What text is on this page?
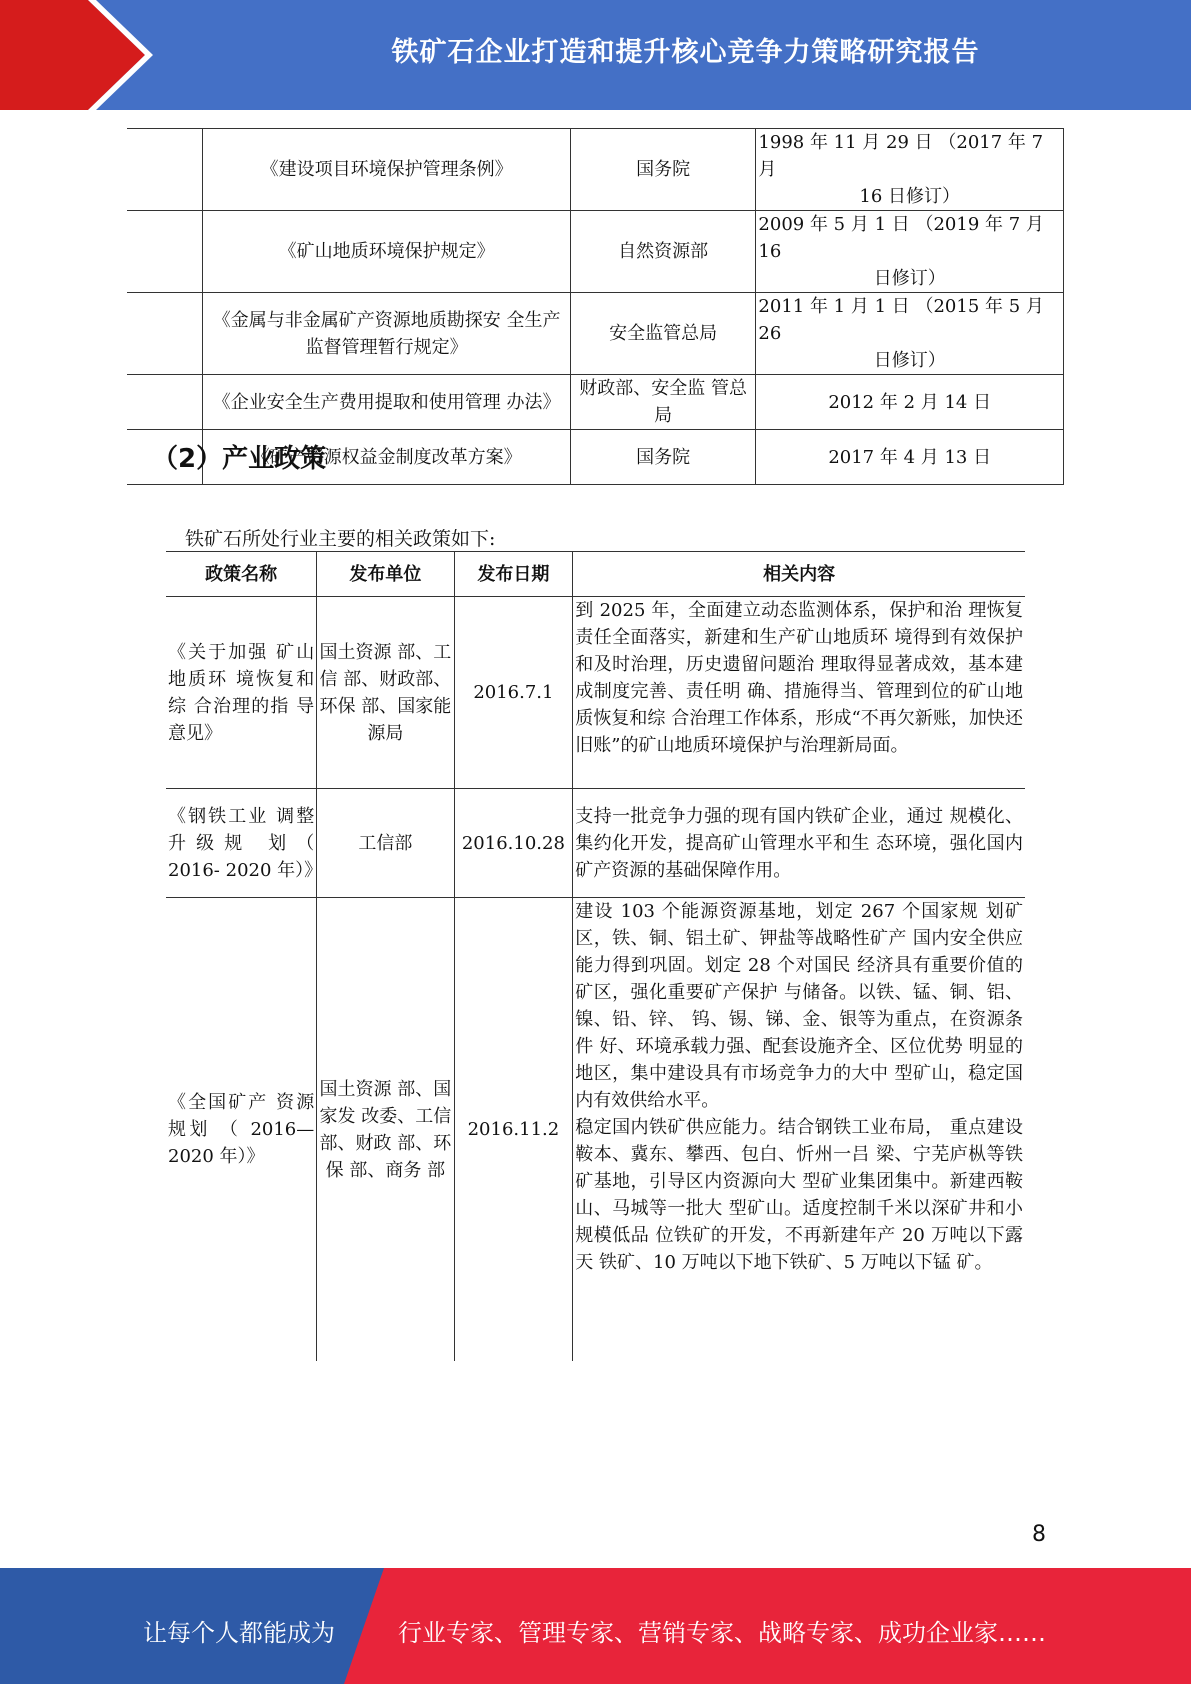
铁矿石企业打造和提升核心竞争力策略研究报告
	《建设项目环境保护管理条例》	国务院	1998 年 11 月 29 日 （2017 年 7 月
16 日修订）

	《矿山地质环境保护规定》	自然资源部	2009 年 5 月 1 日 （2019 年 7 月 16
日修订）

	《金属与非金属矿产资源地质勘探安 全生产监督管理暂行规定》	安全监管总局	2011 年 1 月 1 日 （2015 年 5 月 26
日修订）

	《企业安全生产费用提取和使用管理 办法》	财政部、安全监 管总局	2012 年 2 月 14 日
	《矿产资源权益金制度改革方案》	国务院	2017 年 4 月 13 日
（2）产业政策
铁矿石所处行业主要的相关政策如下:
政策名称	发布单位	发布日期	相关内容
《关于加强 矿山地质环 境恢复和综 合治理的指 导意见》	国土资源 部、工信 部、财政部、环保 部、国家能 源局	2016.7.1	到 2025 年，全面建立动态监测体系，保护和治 理恢复责任全面落实，新建和生产矿山地质环 境得到有效保护和及时治理，历史遗留问题治 理取得显著成效，基本建成制度完善、责任明 确、措施得当、管理到位的矿山地质恢复和综 合治理工作体系，形成“不再欠新账，加快还 旧账”的矿山地质环境保护与治理新局面。

《钢铁工业 调整升级规 划（ 2016- 2020 年）》	工信部	2016.10.28	支持一批竞争力强的现有国内铁矿企业，通过 规模化、集约化开发，提高矿山管理水平和生 态环境，强化国内矿产资源的基础保障作用。

《全国矿产 资源规划 （ 2016— 2020 年）》	国土资源 部、国家发 改委、工信 部、财政 部、环保 部、商务 部	2016.11.2	建设 103 个能源资源基地，划定 267 个国家规 划矿区，铁、铜、铝土矿、钾盐等战略性矿产 国内安全供应能力得到巩固。划定 28 个对国民 经济具有重要价值的矿区，强化重要矿产保护 与储备。以铁、锰、铜、铝、镍、铅、锌、 钨、锡、锑、金、银等为重点，在资源条件 好、环境承载力强、配套设施齐全、区位优势 明显的地区，集中建设具有市场竞争力的大中 型矿山，稳定国内有效供给水平。

稳定国内铁矿供应能力。结合钢铁工业布局， 重点建设鞍本、冀东、攀西、包白、忻州一吕 梁、宁芜庐枞等铁矿基地，引导区内资源向大 型矿业集团集中。新建西鞍山、马城等一批大 型矿山。适度控制千米以深矿井和小规模低品 位铁矿的开发，不再新建年产 20 万吨以下露天 铁矿、10 万吨以下地下铁矿、5 万吨以下锰 矿。

8
让每个人都能成为	行业专家、管理专家、营销专家、战略专家、成功企业家……
